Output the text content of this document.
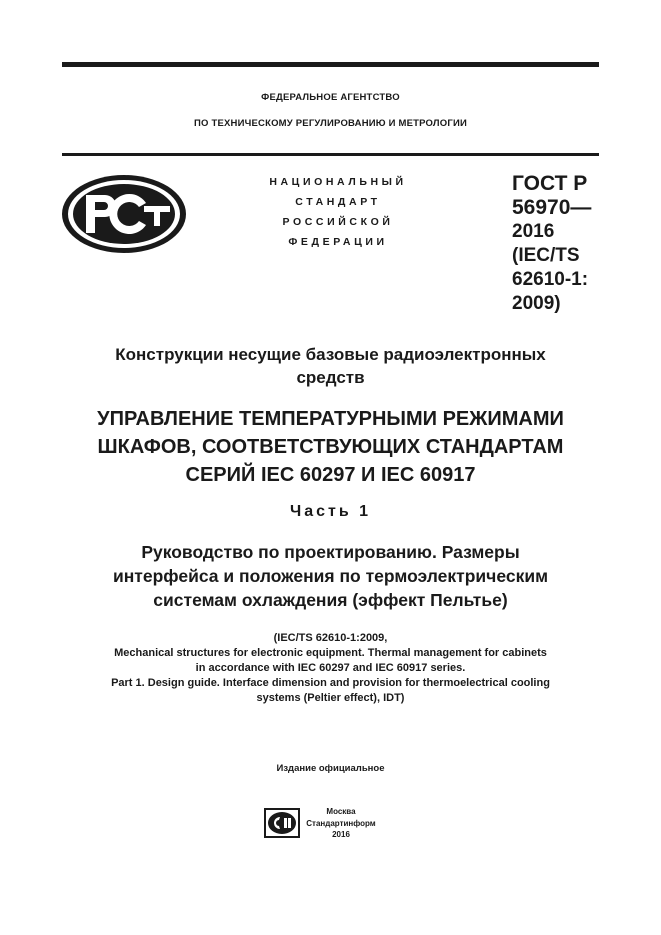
ФЕДЕРАЛЬНОЕ АГЕНТСТВО
ПО ТЕХНИЧЕСКОМУ РЕГУЛИРОВАНИЮ И МЕТРОЛОГИИ
НАЦИОНАЛЬНЫЙ
СТАНДАРТ
РОССИЙСКОЙ
ФЕДЕРАЦИИ
ГОСТ Р
56970—
2016
(IEC/TS
62610-1:
2009)
Конструкции несущие базовые радиоэлектронных
средств
УПРАВЛЕНИЕ ТЕМПЕРАТУРНЫМИ РЕЖИМАМИ
ШКАФОВ, СООТВЕТСТВУЮЩИХ СТАНДАРТАМ
СЕРИЙ IEC 60297 И IEC 60917
Часть 1
Руководство по проектированию. Размеры
интерфейса и положения по термоэлектрическим
системам охлаждения (эффект Пельтье)
(IEC/TS 62610-1:2009,
Mechanical structures for electronic equipment. Thermal management for cabinets
in accordance with IEC 60297 and IEC 60917 series.
Part 1. Design guide. Interface dimension and provision for thermoelectrical cooling
systems (Peltier effect), IDT)
Издание официальное
Москва
Стандартинформ
2016
